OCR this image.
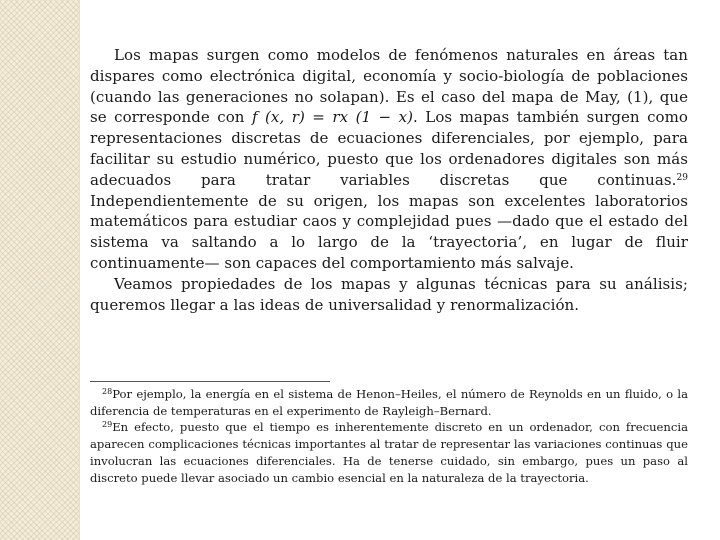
Los mapas surgen como modelos de fenómenos naturales en áreas tan dispares como electrónica digital, economía y socio-biología de poblaciones (cuando las generaciones no solapan). Es el caso del mapa de May, (1), que se corresponde con f (x, r) = rx (1 − x). Los mapas también surgen como representaciones discretas de ecuaciones diferenciales, por ejemplo, para facilitar su estudio numérico, puesto que los ordenadores digitales son más adecuados para tratar variables discretas que continuas.$^{29}$ Independientemente de su origen, los mapas son excelentes laboratorios matemáticos para estudiar caos y complejidad pues —dado que el estado del sistema va saltando a lo largo de la ‘trayectoria’, en lugar de fluir continuamente— son capaces del comportamiento más salvaje.

Veamos propiedades de los mapas y algunas técnicas para su análisis; queremos llegar a las ideas de universalidad y renormalización.

$^{28}$Por ejemplo, la energía en el sistema de Henon–Heiles, el número de Reynolds en un fluido, o la diferencia de temperaturas en el experimento de Rayleigh–Bernard.

$^{29}$En efecto, puesto que el tiempo es inherentemente discreto en un ordenador, con frecuencia aparecen complicaciones técnicas importantes al tratar de representar las variaciones continuas que involucran las ecuaciones diferenciales. Ha de tenerse cuidado, sin embargo, pues un paso al discreto puede llevar asociado un cambio esencial en la naturaleza de la trayectoria.
